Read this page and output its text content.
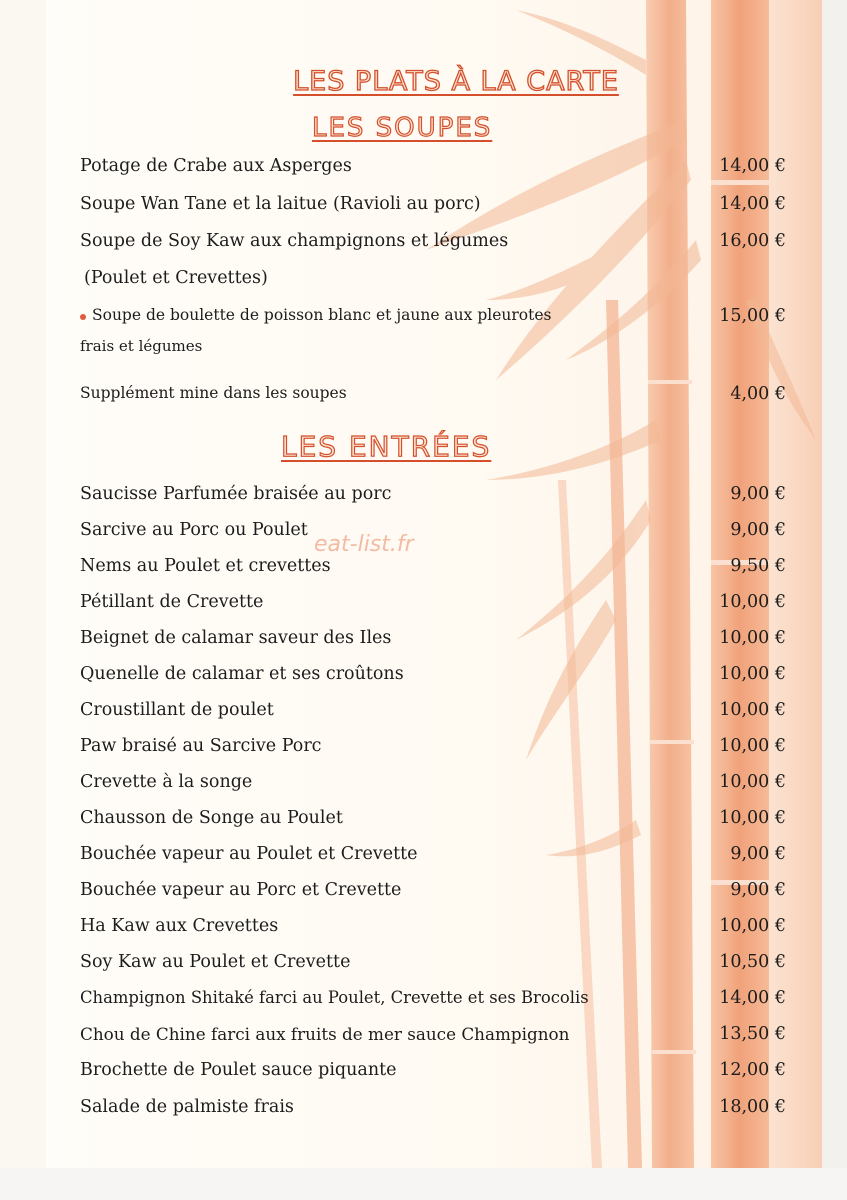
LES PLATS À LA CARTE
LES SOUPES
Potage de Crabe aux Asperges	14,00 €
Soupe Wan Tane et la laitue (Ravioli au porc)	14,00 €
Soupe de Soy Kaw aux champignons et légumes	16,00 €
(Poulet et Crevettes)
Soupe de boulette de poisson blanc et jaune aux pleurotes	15,00 €
frais et légumes
Supplément mine dans les soupes	4,00 €
LES ENTRÉES
eat-list.fr
Saucisse Parfumée braisée au porc	9,00 €
Sarcive au Porc ou Poulet	9,00 €
Nems au Poulet et crevettes	9,50 €
Pétillant de Crevette	10,00 €
Beignet de calamar saveur des Iles	10,00 €
Quenelle de calamar et ses croûtons	10,00 €
Croustillant de poulet	10,00 €
Paw braisé au Sarcive Porc	10,00 €
Crevette à la songe	10,00 €
Chausson de Songe au Poulet	10,00 €
Bouchée vapeur au Poulet et Crevette	9,00 €
Bouchée vapeur au Porc et Crevette	9,00 €
Ha Kaw aux Crevettes	10,00 €
Soy Kaw au Poulet et Crevette	10,50 €
Champignon Shitaké farci au Poulet, Crevette et ses Brocolis	14,00 €
Chou de Chine farci aux fruits de mer sauce Champignon	13,50 €
Brochette de Poulet sauce piquante	12,00 €
Salade de palmiste frais	18,00 €
